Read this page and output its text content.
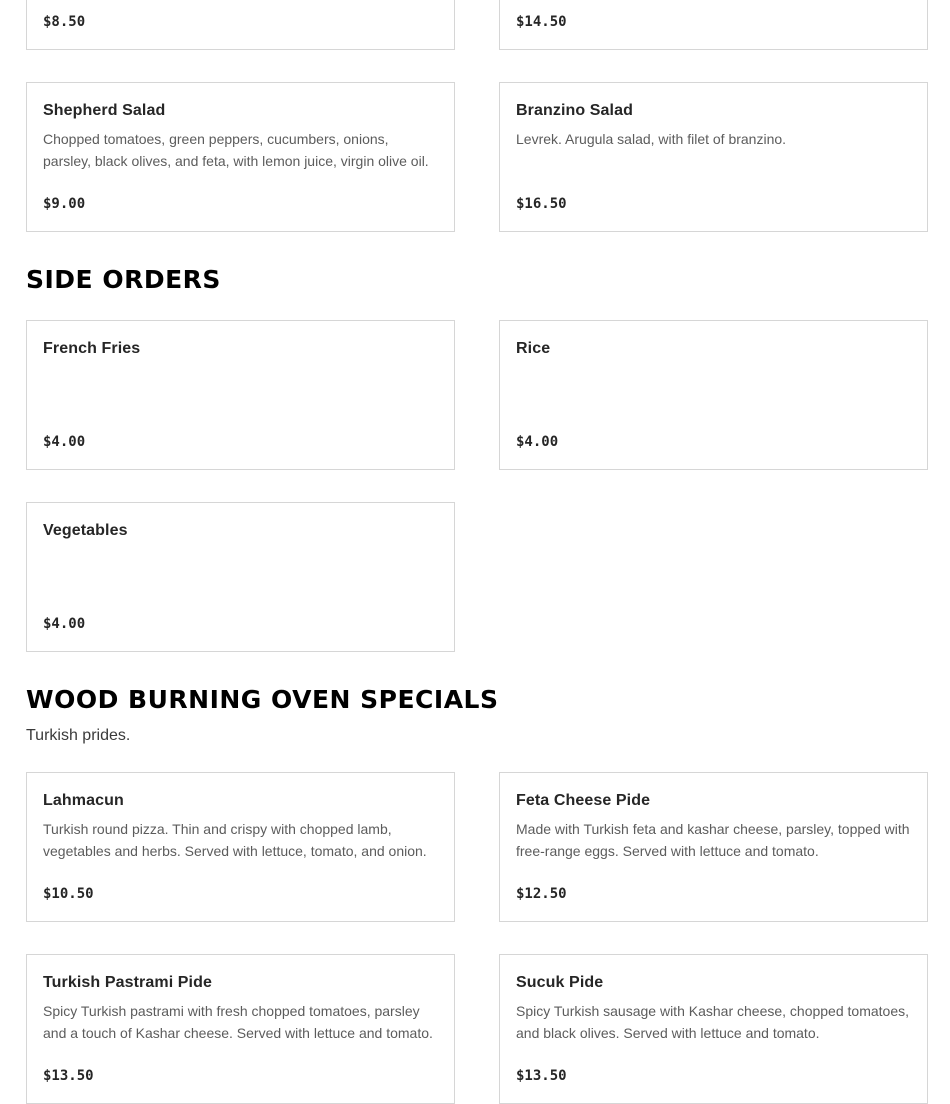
$8.50	$14.50
Shepherd Salad
Chopped tomatoes, green peppers, cucumbers, onions, parsley, black olives, and feta, with lemon juice, virgin olive oil.
$9.00
Branzino Salad
Levrek. Arugula salad, with filet of branzino.
$16.50
SIDE ORDERS
French Fries
$4.00
Rice
$4.00
Vegetables
$4.00
WOOD BURNING OVEN SPECIALS
Turkish prides.
Lahmacun
Turkish round pizza. Thin and crispy with chopped lamb, vegetables and herbs. Served with lettuce, tomato, and onion.
$10.50
Feta Cheese Pide
Made with Turkish feta and kashar cheese, parsley, topped with free-range eggs. Served with lettuce and tomato.
$12.50
Turkish Pastrami Pide
Spicy Turkish pastrami with fresh chopped tomatoes, parsley and a touch of Kashar cheese. Served with lettuce and tomato.
$13.50
Sucuk Pide
Spicy Turkish sausage with Kashar cheese, chopped tomatoes, and black olives. Served with lettuce and tomato.
$13.50
